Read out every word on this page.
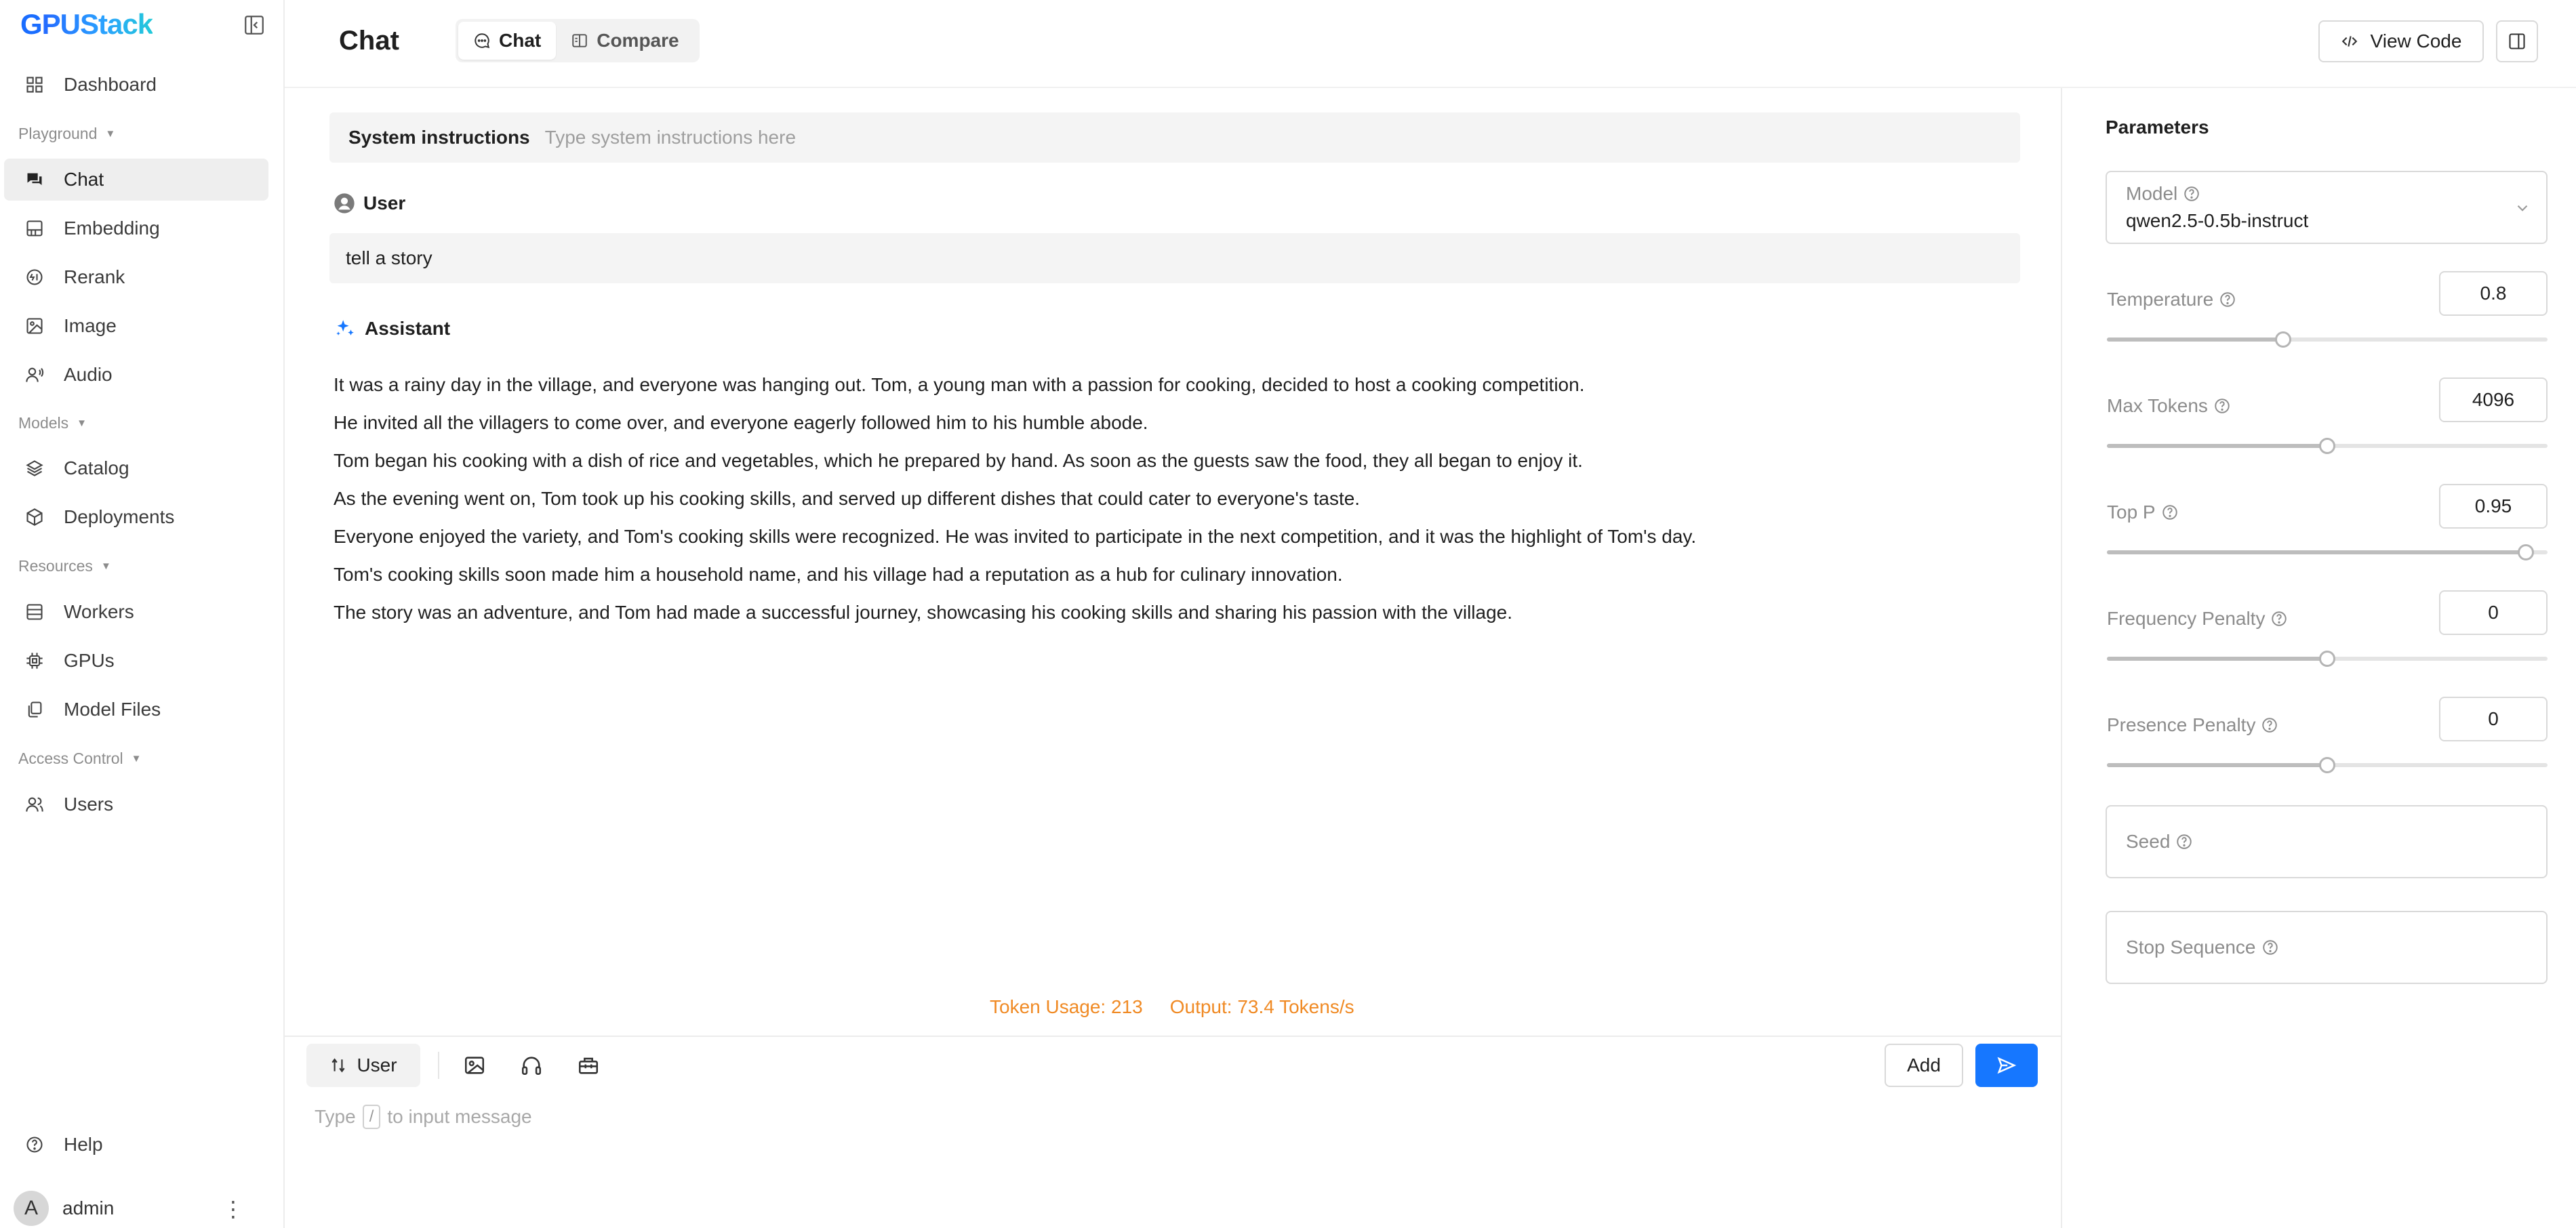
GPUStack
Dashboard
Playground ▼
Chat
Embedding
Rerank
Image
Audio
Models ▼
Catalog
Deployments
Resources ▼
Workers
GPUs
Model Files
Access Control ▼
Users
Help
A	admin	⋮
Chat	Chat	Compare	View Code
System instructions Type system instructions here
User
tell a story
Assistant

It was a rainy day in the village, and everyone was hanging out. Tom, a young man with a passion for cooking, decided to host a cooking competition.

He invited all the villagers to come over, and everyone eagerly followed him to his humble abode.

Tom began his cooking with a dish of rice and vegetables, which he prepared by hand. As soon as the guests saw the food, they all began to enjoy it.

As the evening went on, Tom took up his cooking skills, and served up different dishes that could cater to everyone's taste.

Everyone enjoyed the variety, and Tom's cooking skills were recognized. He was invited to participate in the next competition, and it was the highlight of Tom's day.

Tom's cooking skills soon made him a household name, and his village had a reputation as a hub for culinary innovation.

The story was an adventure, and Tom had made a successful journey, showcasing his cooking skills and sharing his passion with the village.

Token Usage: 213 Output: 73.4 Tokens/s
User	Add
Type / to input message
Parameters
Model
qwen2.5-0.5b-instruct
Temperature	0.8
Max Tokens	4096
Top P	0.95
Frequency Penalty	0
Presence Penalty	0
Seed
Stop Sequence
